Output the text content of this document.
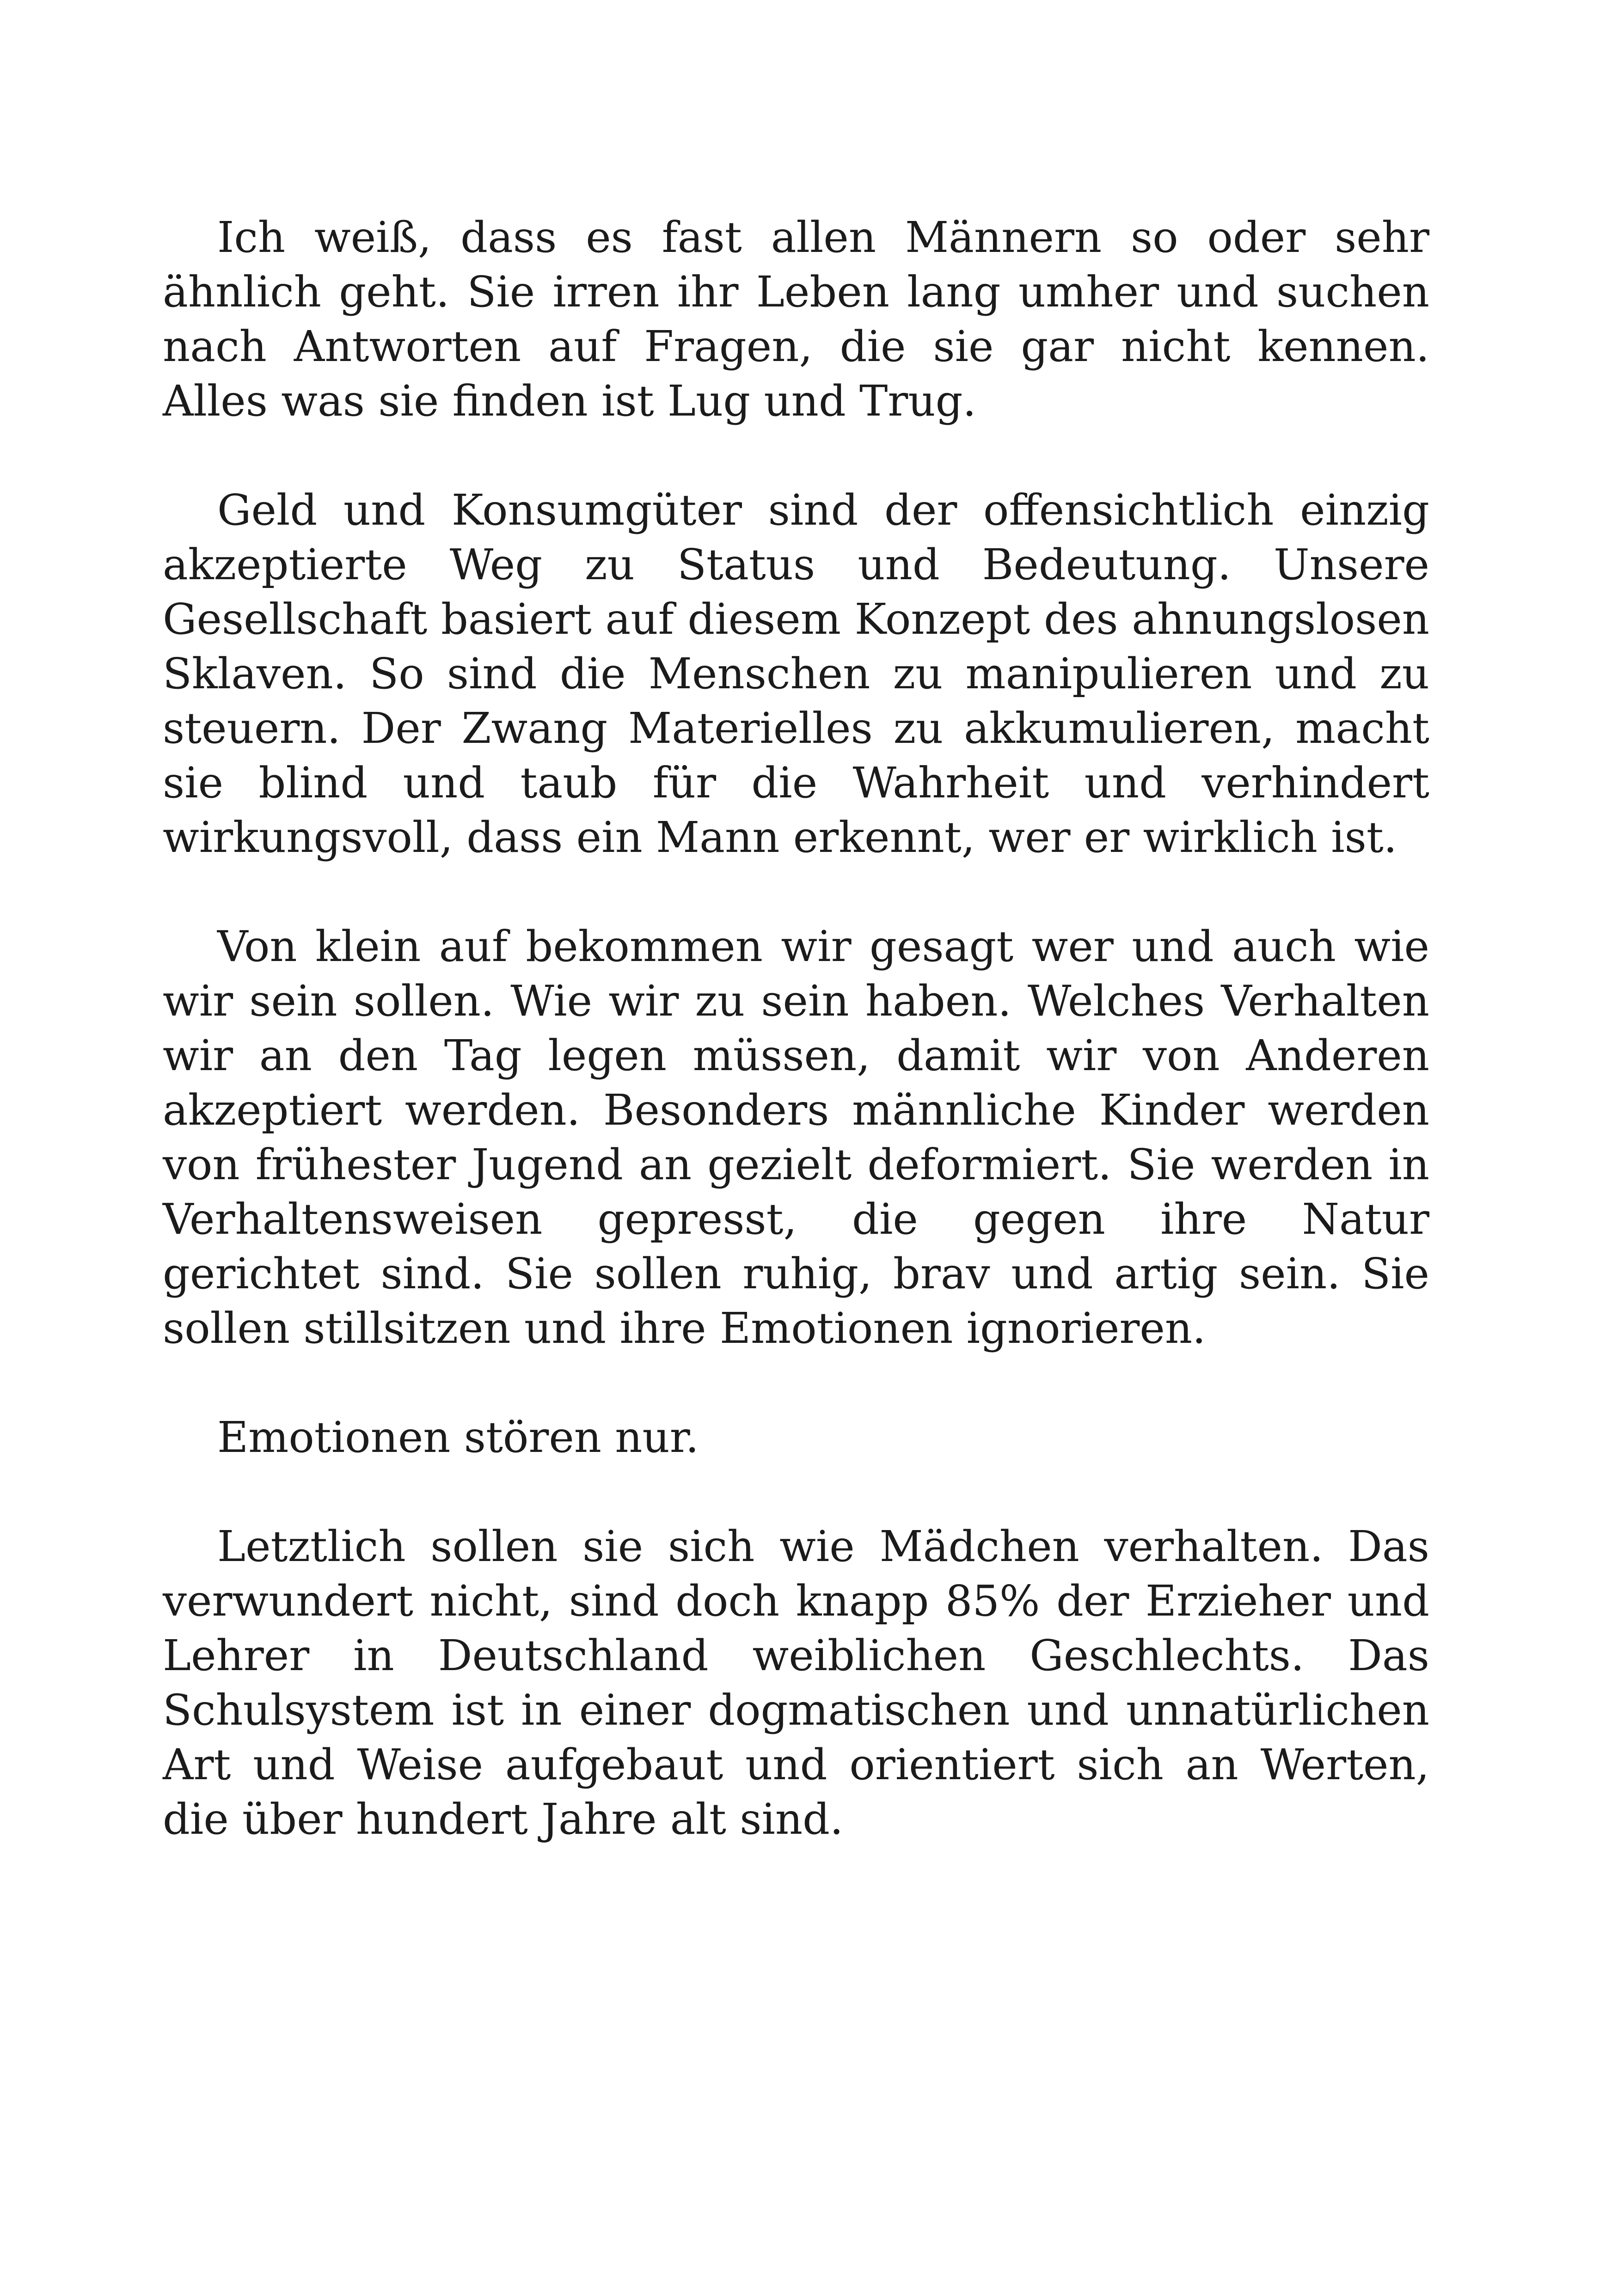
Ich weiß, dass es fast allen Männern so oder sehr ähnlich geht. Sie irren ihr Leben lang umher und suchen nach Antworten auf Fragen, die sie gar nicht kennen. Alles was sie finden ist Lug und Trug.

Geld und Konsumgüter sind der offensichtlich einzig akzeptierte Weg zu Status und Bedeutung. Unsere Gesellschaft basiert auf diesem Konzept des ahnungslosen Sklaven. So sind die Menschen zu manipulieren und zu steuern. Der Zwang Materielles zu akkumulieren, macht sie blind und taub für die Wahrheit und verhindert wirkungsvoll, dass ein Mann erkennt, wer er wirklich ist.

Von klein auf bekommen wir gesagt wer und auch wie wir sein sollen. Wie wir zu sein haben. Welches Verhalten wir an den Tag legen müssen, damit wir von Anderen akzeptiert werden. Besonders männliche Kinder werden von frühester Jugend an gezielt deformiert. Sie werden in Verhaltensweisen gepresst, die gegen ihre Natur gerichtet sind. Sie sollen ruhig, brav und artig sein. Sie sollen stillsitzen und ihre Emotionen ignorieren.

Emotionen stören nur.

Letztlich sollen sie sich wie Mädchen verhalten. Das verwundert nicht, sind doch knapp 85% der Erzieher und Lehrer in Deutschland weiblichen Geschlechts. Das Schulsystem ist in einer dogmatischen und unnatürlichen Art und Weise aufgebaut und orientiert sich an Werten, die über hundert Jahre alt sind.
